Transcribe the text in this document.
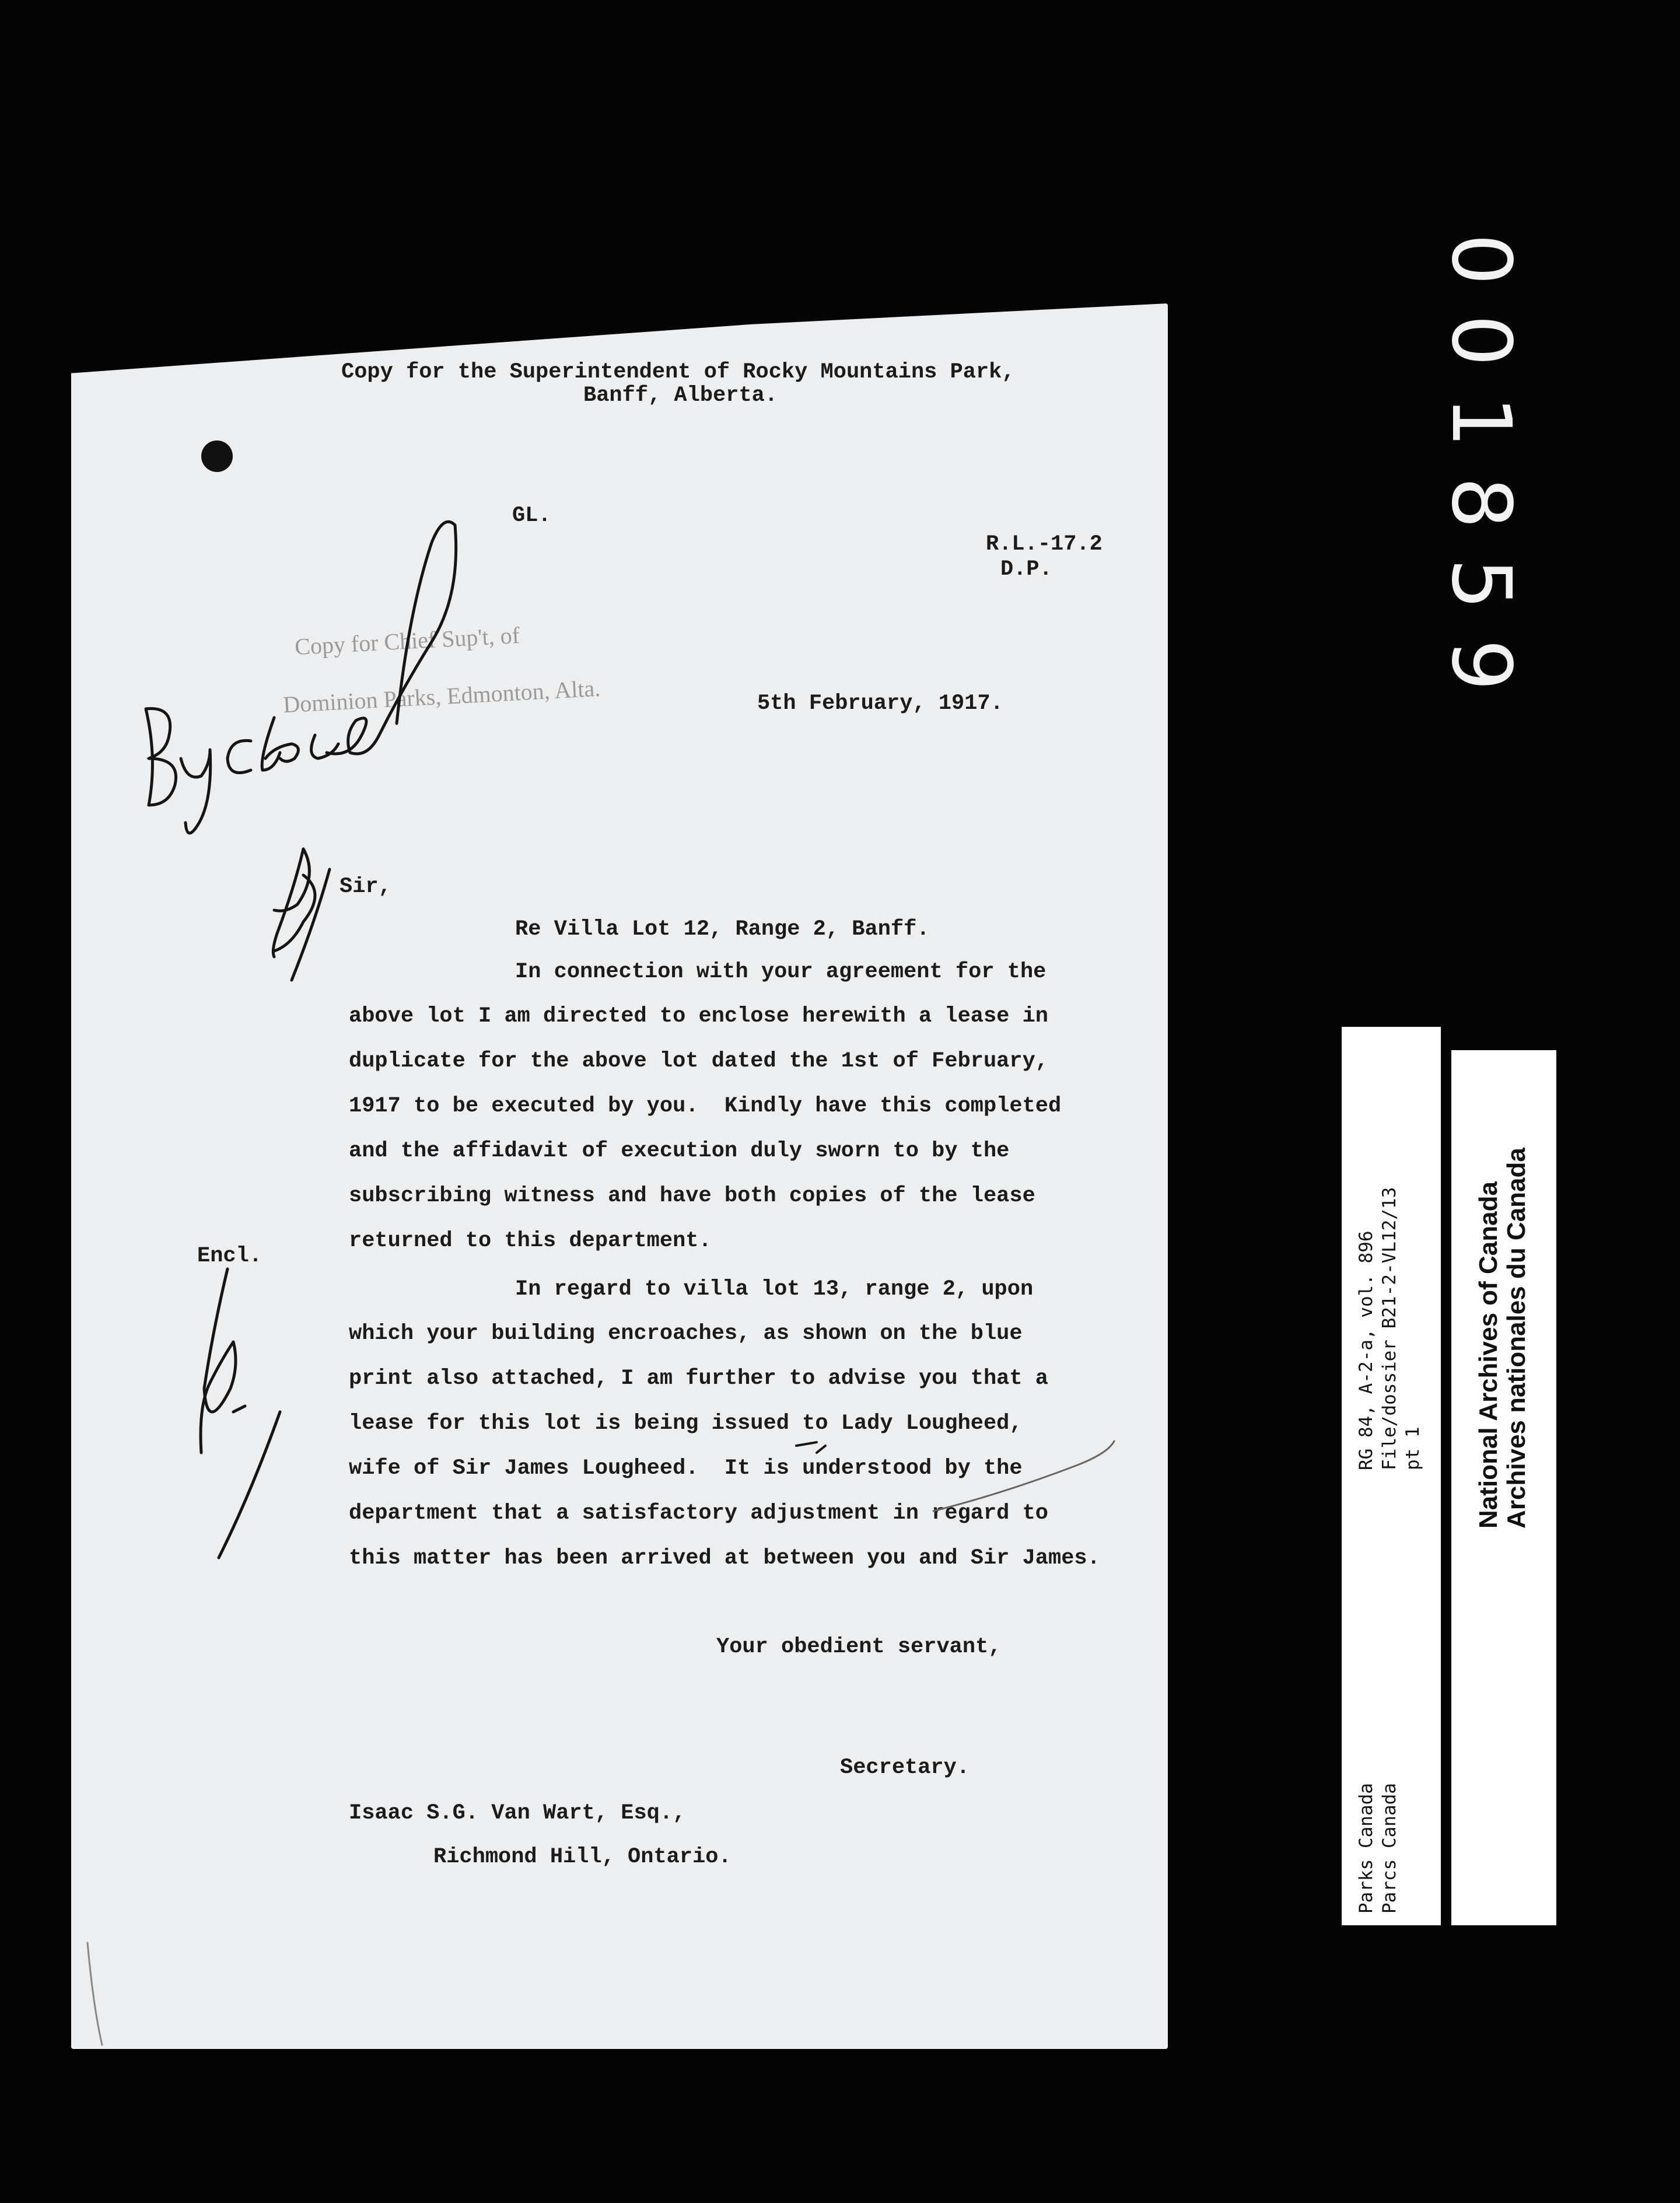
Copy for the Superintendent of Rocky Mountains Park,
Banff, Alberta.
GL.
R.L.-17.2
D.P.
Copy for Chief Sup't, of
Dominion Parks, Edmonton, Alta.	5th February, 1917.
Sir,
Re Villa Lot 12, Range 2, Banff.
In connection with your agreement for the
above lot I am directed to enclose herewith a lease in
duplicate for the above lot dated the 1st of February,
1917 to be executed by you.  Kindly have this completed
and the affidavit of execution duly sworn to by the
subscribing witness and have both copies of the lease
returned to this department.
Encl.
In regard to villa lot 13, range 2, upon
which your building encroaches, as shown on the blue
print also attached, I am further to advise you that a
lease for this lot is being issued to Lady Lougheed,
wife of Sir James Lougheed.  It is understood by the
department that a satisfactory adjustment in regard to
this matter has been arrived at between you and Sir James.
Your obedient servant,
Secretary.
Isaac S.G. Van Wart, Esq.,
Richmond Hill, Ontario.
001859
RG 84, A-2-a, vol. 896 File/dossier B21-2-VL12/13 pt 1
Parks Canada Parcs Canada
National Archives of Canada Archives nationales du Canada
